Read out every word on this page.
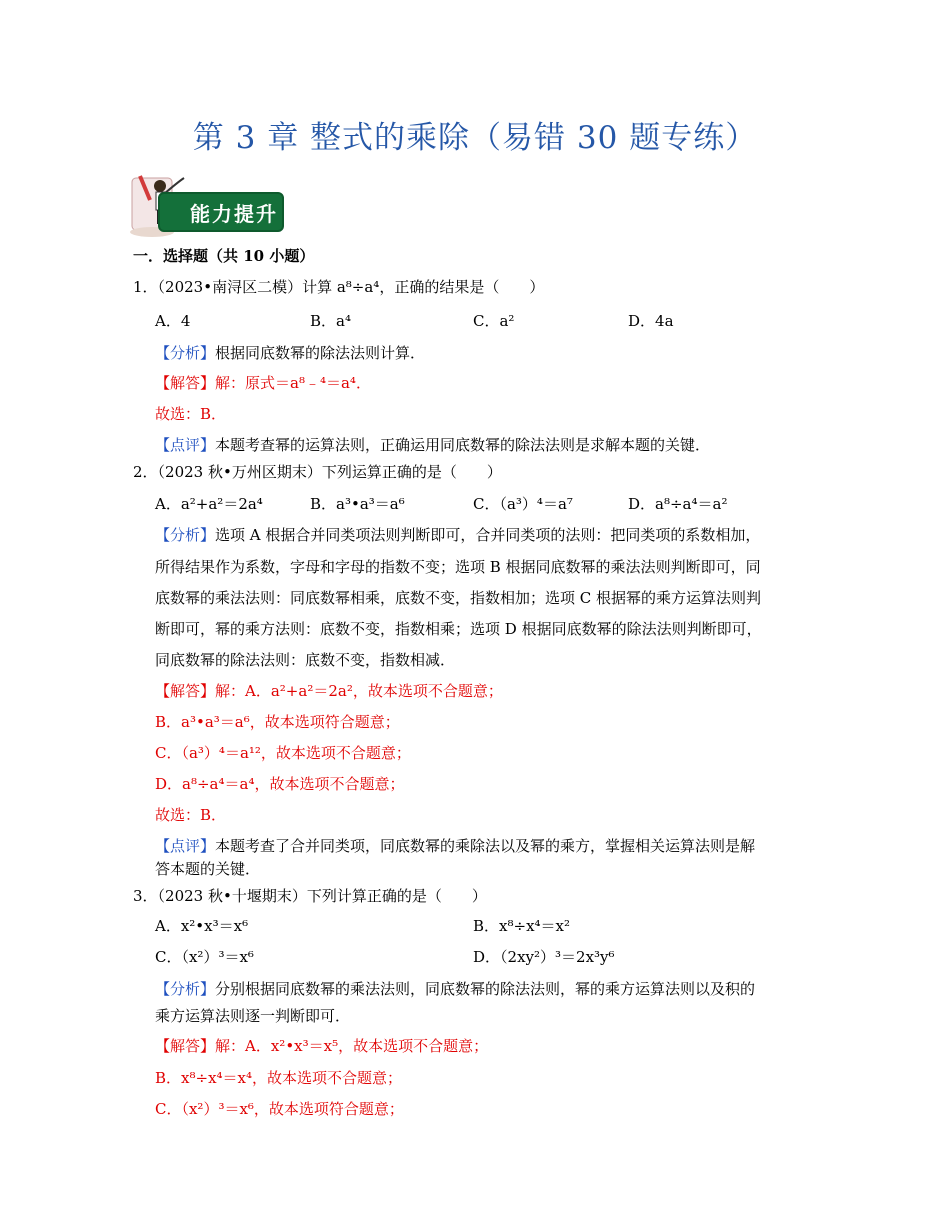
第 3 章 整式的乘除（易错 30 题专练）
能力提升
一．选择题（共 10 小题）
1．（2023•南浔区二模）计算 a⁸÷a⁴，正确的结果是（　　）
A．4	B．a⁴	C．a²	D．4a
【分析】根据同底数幂的除法法则计算．
【解答】解：原式＝a⁸﹣⁴＝a⁴．
故选：B．
【点评】本题考查幂的运算法则，正确运用同底数幂的除法法则是求解本题的关键．
2．（2023 秋•万州区期末）下列运算正确的是（　　）
A．a²+a²＝2a⁴	B．a³•a³＝a⁶	C．（a³）⁴＝a⁷	D．a⁸÷a⁴＝a²
【分析】选项 A 根据合并同类项法则判断即可，合并同类项的法则：把同类项的系数相加，
所得结果作为系数，字母和字母的指数不变；选项 B 根据同底数幂的乘法法则判断即可，同
底数幂的乘法法则：同底数幂相乘，底数不变，指数相加；选项 C 根据幂的乘方运算法则判
断即可，幂的乘方法则：底数不变，指数相乘；选项 D 根据同底数幂的除法法则判断即可，
同底数幂的除法法则：底数不变，指数相减．
【解答】解：A．a²+a²＝2a²，故本选项不合题意；
B．a³•a³＝a⁶，故本选项符合题意；
C．（a³）⁴＝a¹²，故本选项不合题意；
D．a⁸÷a⁴＝a⁴，故本选项不合题意；
故选：B．
【点评】本题考查了合并同类项，同底数幂的乘除法以及幂的乘方，掌握相关运算法则是解
答本题的关键．
3．（2023 秋•十堰期末）下列计算正确的是（　　）
A．x²•x³＝x⁶	B．x⁸÷x⁴＝x²
C．（x²）³＝x⁶	D．（2xy²）³＝2x³y⁶
【分析】分别根据同底数幂的乘法法则，同底数幂的除法法则，幂的乘方运算法则以及积的
乘方运算法则逐一判断即可．
【解答】解：A．x²•x³＝x⁵，故本选项不合题意；
B．x⁸÷x⁴＝x⁴，故本选项不合题意；
C．（x²）³＝x⁶，故本选项符合题意；
